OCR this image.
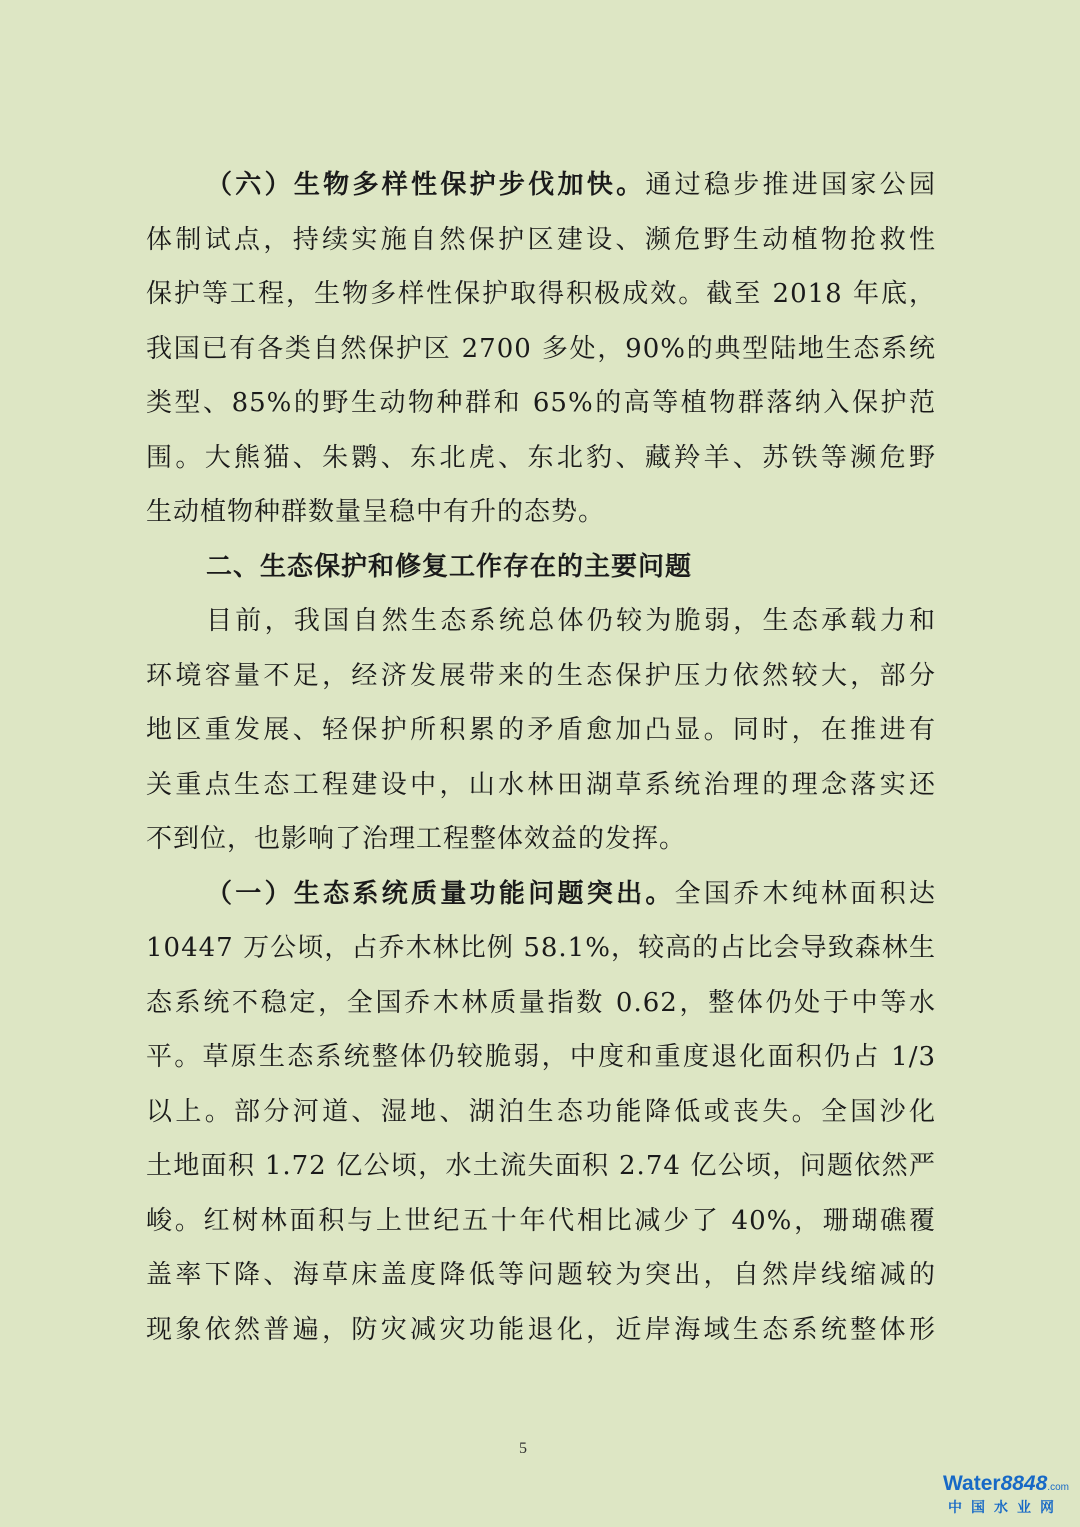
（六）生物多样性保护步伐加快。通过稳步推进国家公园
体制试点，持续实施自然保护区建设、濒危野生动植物抢救性
保护等工程，生物多样性保护取得积极成效。截至 2018 年底，
我国已有各类自然保护区 2700 多处，90%的典型陆地生态系统
类型、85%的野生动物种群和 65%的高等植物群落纳入保护范
围。大熊猫、朱鹮、东北虎、东北豹、藏羚羊、苏铁等濒危野
生动植物种群数量呈稳中有升的态势。
二、生态保护和修复工作存在的主要问题
目前，我国自然生态系统总体仍较为脆弱，生态承载力和
环境容量不足，经济发展带来的生态保护压力依然较大，部分
地区重发展、轻保护所积累的矛盾愈加凸显。同时，在推进有
关重点生态工程建设中，山水林田湖草系统治理的理念落实还
不到位，也影响了治理工程整体效益的发挥。
（一）生态系统质量功能问题突出。全国乔木纯林面积达
10447 万公顷，占乔木林比例 58.1%，较高的占比会导致森林生
态系统不稳定，全国乔木林质量指数 0.62，整体仍处于中等水
平。草原生态系统整体仍较脆弱，中度和重度退化面积仍占 1/3
以上。部分河道、湿地、湖泊生态功能降低或丧失。全国沙化
土地面积 1.72 亿公顷，水土流失面积 2.74 亿公顷，问题依然严
峻。红树林面积与上世纪五十年代相比减少了 40%，珊瑚礁覆
盖率下降、海草床盖度降低等问题较为突出，自然岸线缩减的
现象依然普遍，防灾减灾功能退化，近岸海域生态系统整体形
5
Water8848.com
中国水业网
